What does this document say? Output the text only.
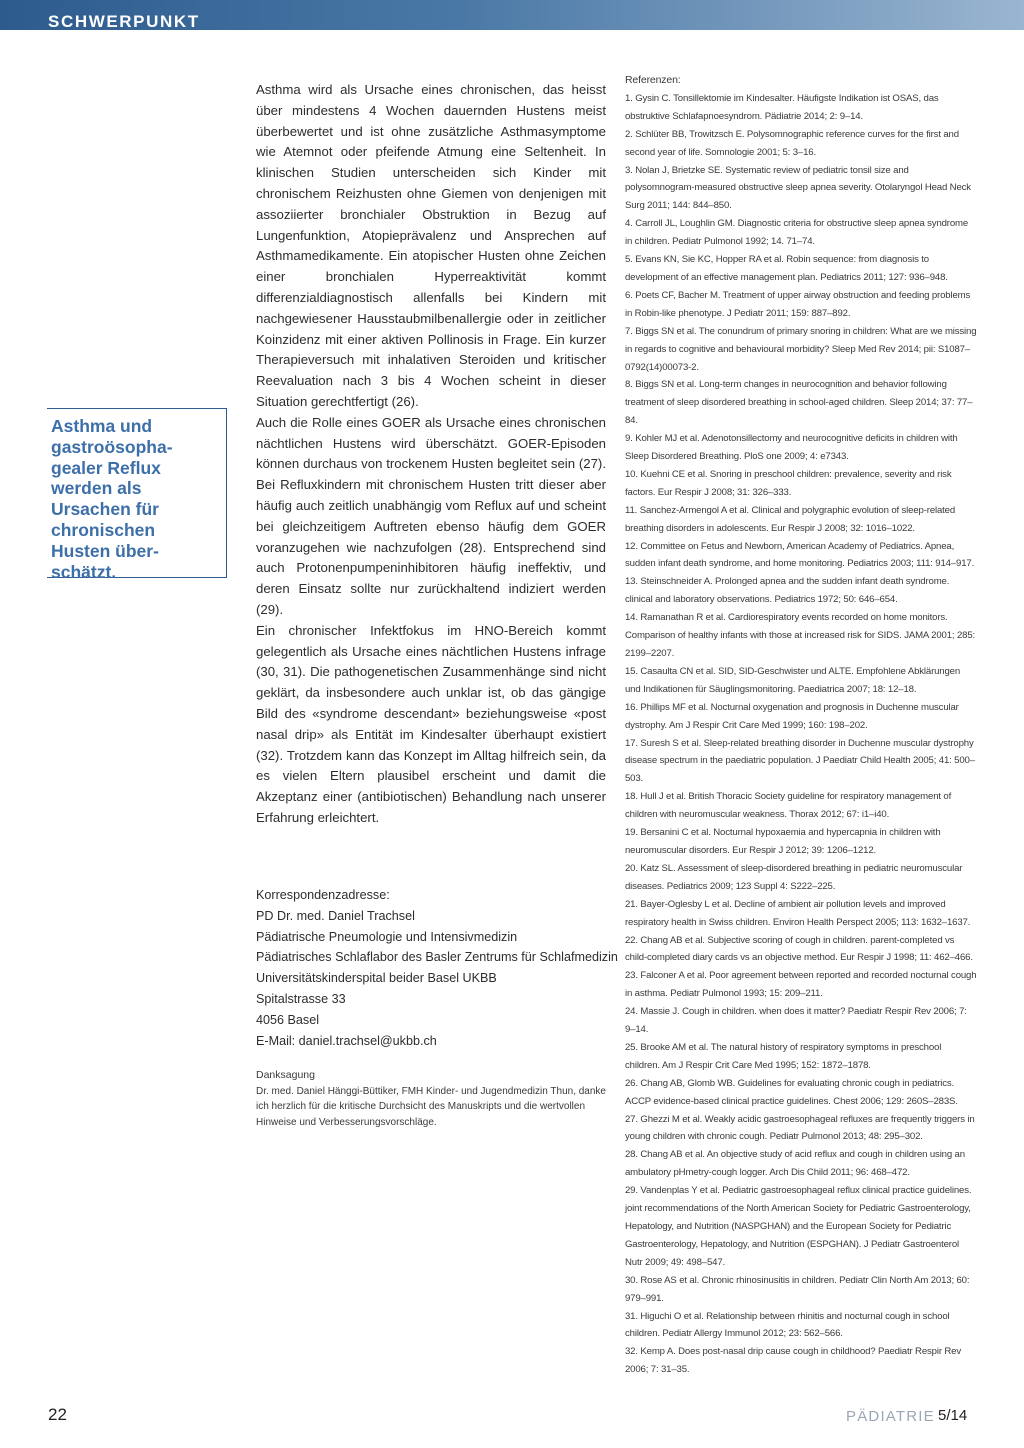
SCHWERPUNKT

Asthma wird als Ursache eines chronischen, das heisst über mindestens 4 Wochen dauernden Hustens meist überbewertet und ist ohne zusätzliche Asthmasymptome wie Atemnot oder pfeifende Atmung eine Seltenheit. In klinischen Studien unterscheiden sich Kinder mit chronischem Reizhusten ohne Giemen von denjenigen mit assoziierter bronchialer Obstruktion in Bezug auf Lungenfunktion, Atopieprävalenz und Ansprechen auf Asthmamedikamente. Ein atopischer Husten ohne Zeichen einer bronchialen Hyperreaktivität kommt differenzialdiagnostisch allenfalls bei Kindern mit nachgewiesener Hausstaubmilbenallergie oder in zeitlicher Koinzidenz mit einer aktiven Pollinosis in Frage. Ein kurzer Therapieversuch mit inhalativen Steroiden und kritischer Reevaluation nach 3 bis 4 Wochen scheint in dieser Situation gerechtfertigt (26).

Auch die Rolle eines GOER als Ursache eines chronischen nächtlichen Hustens wird überschätzt. GOER-Episoden können durchaus von trockenem Husten begleitet sein (27). Bei Refluxkindern mit chronischem Husten tritt dieser aber häufig auch zeitlich unabhängig vom Reflux auf und scheint bei gleichzeitigem Auftreten ebenso häufig dem GOER voranzugehen wie nachzufolgen (28). Entsprechend sind auch Protonenpumpeninhibitoren häufig ineffektiv, und deren Einsatz sollte nur zurückhaltend indiziert werden (29).

Ein chronischer Infektfokus im HNO-Bereich kommt gelegentlich als Ursache eines nächtlichen Hustens infrage (30, 31). Die pathogenetischen Zusammenhänge sind nicht geklärt, da insbesondere auch unklar ist, ob das gängige Bild des «syndrome descendant» beziehungsweise «post nasal drip» als Entität im Kindesalter überhaupt existiert (32). Trotzdem kann das Konzept im Alltag hilfreich sein, da es vielen Eltern plausibel erscheint und damit die Akzeptanz einer (antibiotischen) Behandlung nach unserer Erfahrung erleichtert.

Asthma und
gastroösopha-
gealer Reflux
werden als
Ursachen für
chronischen
Husten über-
schätzt.
Korrespondenzadresse:
PD Dr. med. Daniel Trachsel
Pädiatrische Pneumologie und Intensivmedizin
Pädiatrisches Schlaflabor des Basler Zentrums für Schlafmedizin
Universitätskinderspital beider Basel UKBB
Spitalstrasse 33
4056 Basel
E-Mail: daniel.trachsel@ukbb.ch
Danksagung
Dr. med. Daniel Hänggi-Büttiker, FMH Kinder- und Jugendmedizin Thun, danke ich herzlich für die kritische Durchsicht des Manuskripts und die wertvollen Hinweise und Verbesserungsvorschläge.
Referenzen:

1. Gysin C. Tonsillektomie im Kindesalter. Häufigste Indikation ist OSAS, das obstruktive Schlafapnoesyndrom. Pädiatrie 2014; 2: 9–14.

2. Schlüter BB, Trowitzsch E. Polysomnographic reference curves for the first and second year of life. Somnologie 2001; 5: 3–16.

3. Nolan J, Brietzke SE. Systematic review of pediatric tonsil size and polysomnogram-measured obstructive sleep apnea severity. Otolaryngol Head Neck Surg 2011; 144: 844–850.

4. Carroll JL, Loughlin GM. Diagnostic criteria for obstructive sleep apnea syndrome in children. Pediatr Pulmonol 1992; 14. 71–74.

5. Evans KN, Sie KC, Hopper RA et al. Robin sequence: from diagnosis to development of an effective management plan. Pediatrics 2011; 127: 936–948.

6. Poets CF, Bacher M. Treatment of upper airway obstruction and feeding problems in Robin-like phenotype. J Pediatr 2011; 159: 887–892.

7. Biggs SN et al. The conundrum of primary snoring in children: What are we missing in regards to cognitive and behavioural morbidity? Sleep Med Rev 2014; pii: S1087–0792(14)00073-2.

8. Biggs SN et al. Long-term changes in neurocognition and behavior following treatment of sleep disordered breathing in school-aged children. Sleep 2014; 37: 77–84.

9. Kohler MJ et al. Adenotonsillectomy and neurocognitive deficits in children with Sleep Disordered Breathing. PloS one 2009; 4: e7343.

10. Kuehni CE et al. Snoring in preschool children: prevalence, severity and risk factors. Eur Respir J 2008; 31: 326–333.

11. Sanchez-Armengol A et al. Clinical and polygraphic evolution of sleep-related breathing disorders in adolescents. Eur Respir J 2008; 32: 1016–1022.

12. Committee on Fetus and Newborn, American Academy of Pediatrics. Apnea, sudden infant death syndrome, and home monitoring. Pediatrics 2003; 111: 914–917.

13. Steinschneider A. Prolonged apnea and the sudden infant death syndrome. clinical and laboratory observations. Pediatrics 1972; 50: 646–654.

14. Ramanathan R et al. Cardiorespiratory events recorded on home monitors. Comparison of healthy infants with those at increased risk for SIDS. JAMA 2001; 285: 2199–2207.

15. Casaulta CN et al. SID, SID-Geschwister und ALTE. Empfohlene Abklärungen und Indikationen für Säuglingsmonitoring. Paediatrica 2007; 18: 12–18.

16. Phillips MF et al. Nocturnal oxygenation and prognosis in Duchenne muscular dystrophy. Am J Respir Crit Care Med 1999; 160: 198–202.

17. Suresh S et al. Sleep-related breathing disorder in Duchenne muscular dystrophy disease spectrum in the paediatric population. J Paediatr Child Health 2005; 41: 500–503.

18. Hull J et al. British Thoracic Society guideline for respiratory management of children with neuromuscular weakness. Thorax 2012; 67: i1–i40.

19. Bersanini C et al. Nocturnal hypoxaemia and hypercapnia in children with neuromuscular disorders. Eur Respir J 2012; 39: 1206–1212.

20. Katz SL. Assessment of sleep-disordered breathing in pediatric neuromuscular diseases. Pediatrics 2009; 123 Suppl 4: S222–225.

21. Bayer-Oglesby L et al. Decline of ambient air pollution levels and improved respiratory health in Swiss children. Environ Health Perspect 2005; 113: 1632–1637.

22. Chang AB et al. Subjective scoring of cough in children. parent-completed vs child-completed diary cards vs an objective method. Eur Respir J 1998; 11: 462–466.

23. Falconer A et al. Poor agreement between reported and recorded nocturnal cough in asthma. Pediatr Pulmonol 1993; 15: 209–211.

24. Massie J. Cough in children. when does it matter? Paediatr Respir Rev 2006; 7: 9–14.

25. Brooke AM et al. The natural history of respiratory symptoms in preschool children. Am J Respir Crit Care Med 1995; 152: 1872–1878.

26. Chang AB, Glomb WB. Guidelines for evaluating chronic cough in pediatrics. ACCP evidence-based clinical practice guidelines. Chest 2006; 129: 260S–283S.

27. Ghezzi M et al. Weakly acidic gastroesophageal refluxes are frequently triggers in young children with chronic cough. Pediatr Pulmonol 2013; 48: 295–302.

28. Chang AB et al. An objective study of acid reflux and cough in children using an ambulatory pHmetry-cough logger. Arch Dis Child 2011; 96: 468–472.

29. Vandenplas Y et al. Pediatric gastroesophageal reflux clinical practice guidelines. joint recommendations of the North American Society for Pediatric Gastroenterology, Hepatology, and Nutrition (NASPGHAN) and the European Society for Pediatric Gastroenterology, Hepatology, and Nutrition (ESPGHAN). J Pediatr Gastroenterol Nutr 2009; 49: 498–547.

30. Rose AS et al. Chronic rhinosinusitis in children. Pediatr Clin North Am 2013; 60: 979–991.

31. Higuchi O et al. Relationship between rhinitis and nocturnal cough in school children. Pediatr Allergy Immunol 2012; 23: 562–566.

32. Kemp A. Does post-nasal drip cause cough in childhood? Paediatr Respir Rev 2006; 7: 31–35.

22	PÄDIATRIE 5/14
